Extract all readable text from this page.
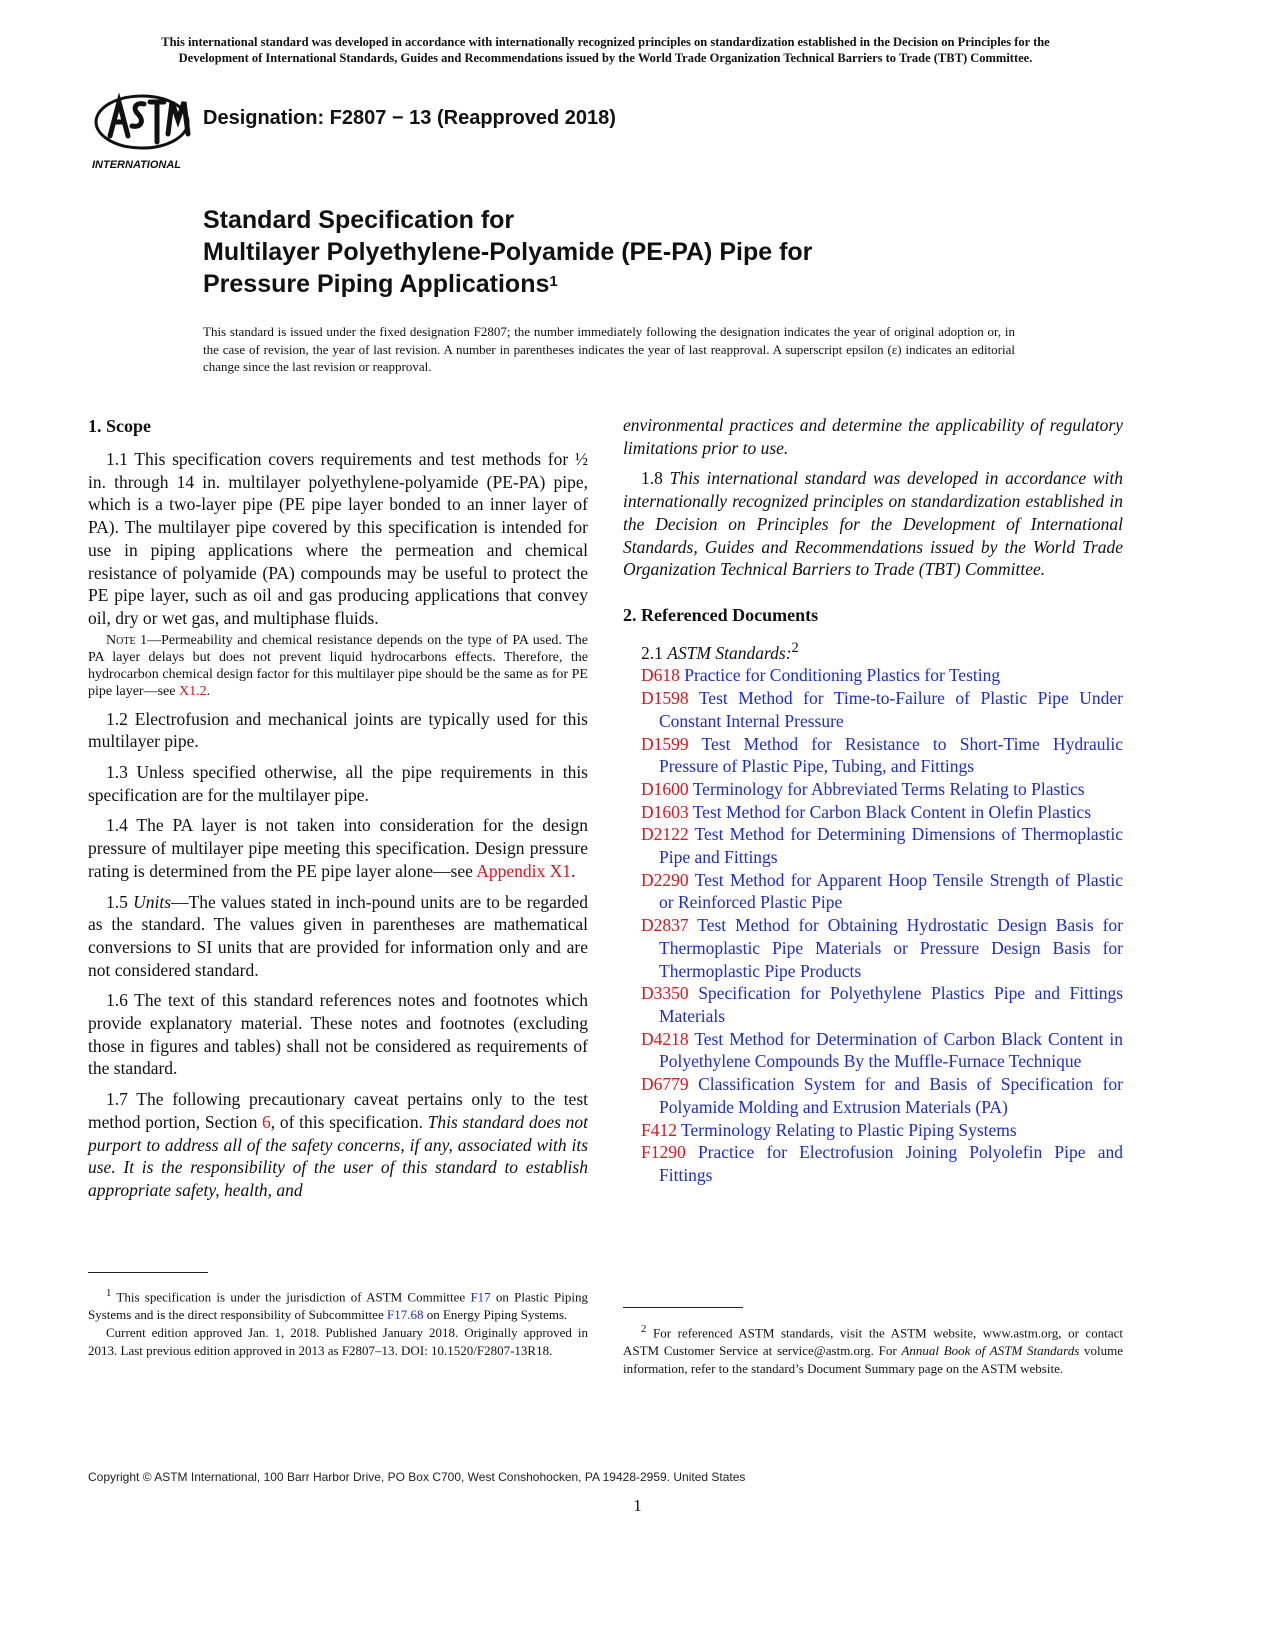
This international standard was developed in accordance with internationally recognized principles on standardization established in the Decision on Principles for the
Development of International Standards, Guides and Recommendations issued by the World Trade Organization Technical Barriers to Trade (TBT) Committee.
INTERNATIONAL
Designation: F2807 − 13 (Reapproved 2018)
Standard Specification for
Multilayer Polyethylene-Polyamide (PE-PA) Pipe for
Pressure Piping Applications$^1$
This standard is issued under the fixed designation F2807; the number immediately following the designation indicates the year of original adoption or, in the case of revision, the year of last revision. A number in parentheses indicates the year of last reapproval. A superscript epsilon (ε) indicates an editorial change since the last revision or reapproval.
1. Scope

1.1 This specification covers requirements and test methods for ½ in. through 14 in. multilayer polyethylene-polyamide (PE-PA) pipe, which is a two-layer pipe (PE pipe layer bonded to an inner layer of PA). The multilayer pipe covered by this specification is intended for use in piping applications where the permeation and chemical resistance of polyamide (PA) compounds may be useful to protect the PE pipe layer, such as oil and gas producing applications that convey oil, dry or wet gas, and multiphase fluids.

Note 1—Permeability and chemical resistance depends on the type of PA used. The PA layer delays but does not prevent liquid hydrocarbons effects. Therefore, the hydrocarbon chemical design factor for this multilayer pipe should be the same as for PE pipe layer—see X1.2.

1.2 Electrofusion and mechanical joints are typically used for this multilayer pipe.

1.3 Unless specified otherwise, all the pipe requirements in this specification are for the multilayer pipe.

1.4 The PA layer is not taken into consideration for the design pressure of multilayer pipe meeting this specification. Design pressure rating is determined from the PE pipe layer alone—see Appendix X1.

1.5 Units—The values stated in inch-pound units are to be regarded as the standard. The values given in parentheses are mathematical conversions to SI units that are provided for information only and are not considered standard.

1.6 The text of this standard references notes and footnotes which provide explanatory material. These notes and footnotes (excluding those in figures and tables) shall not be considered as requirements of the standard.

1.7 The following precautionary caveat pertains only to the test method portion, Section 6, of this specification. This standard does not purport to address all of the safety concerns, if any, associated with its use. It is the responsibility of the user of this standard to establish appropriate safety, health, and

$^1$ This specification is under the jurisdiction of ASTM Committee F17 on Plastic Piping Systems and is the direct responsibility of Subcommittee F17.68 on Energy Piping Systems.

Current edition approved Jan. 1, 2018. Published January 2018. Originally approved in 2013. Last previous edition approved in 2013 as F2807–13. DOI: 10.1520/F2807-13R18.

environmental practices and determine the applicability of regulatory limitations prior to use.

1.8 This international standard was developed in accordance with internationally recognized principles on standardization established in the Decision on Principles for the Development of International Standards, Guides and Recommendations issued by the World Trade Organization Technical Barriers to Trade (TBT) Committee.

2. Referenced Documents

2.1 ASTM Standards:$^2$

D618 Practice for Conditioning Plastics for Testing

D1598 Test Method for Time-to-Failure of Plastic Pipe Under Constant Internal Pressure

D1599 Test Method for Resistance to Short-Time Hydraulic Pressure of Plastic Pipe, Tubing, and Fittings

D1600 Terminology for Abbreviated Terms Relating to Plastics

D1603 Test Method for Carbon Black Content in Olefin Plastics

D2122 Test Method for Determining Dimensions of Thermoplastic Pipe and Fittings

D2290 Test Method for Apparent Hoop Tensile Strength of Plastic or Reinforced Plastic Pipe

D2837 Test Method for Obtaining Hydrostatic Design Basis for Thermoplastic Pipe Materials or Pressure Design Basis for Thermoplastic Pipe Products

D3350 Specification for Polyethylene Plastics Pipe and Fittings Materials

D4218 Test Method for Determination of Carbon Black Content in Polyethylene Compounds By the Muffle-Furnace Technique

D6779 Classification System for and Basis of Specification for Polyamide Molding and Extrusion Materials (PA)

F412 Terminology Relating to Plastic Piping Systems

F1290 Practice for Electrofusion Joining Polyolefin Pipe and Fittings

$^2$ For referenced ASTM standards, visit the ASTM website, www.astm.org, or contact ASTM Customer Service at service@astm.org. For Annual Book of ASTM Standards volume information, refer to the standard’s Document Summary page on the ASTM website.

Copyright © ASTM International, 100 Barr Harbor Drive, PO Box C700, West Conshohocken, PA 19428-2959. United States
1
